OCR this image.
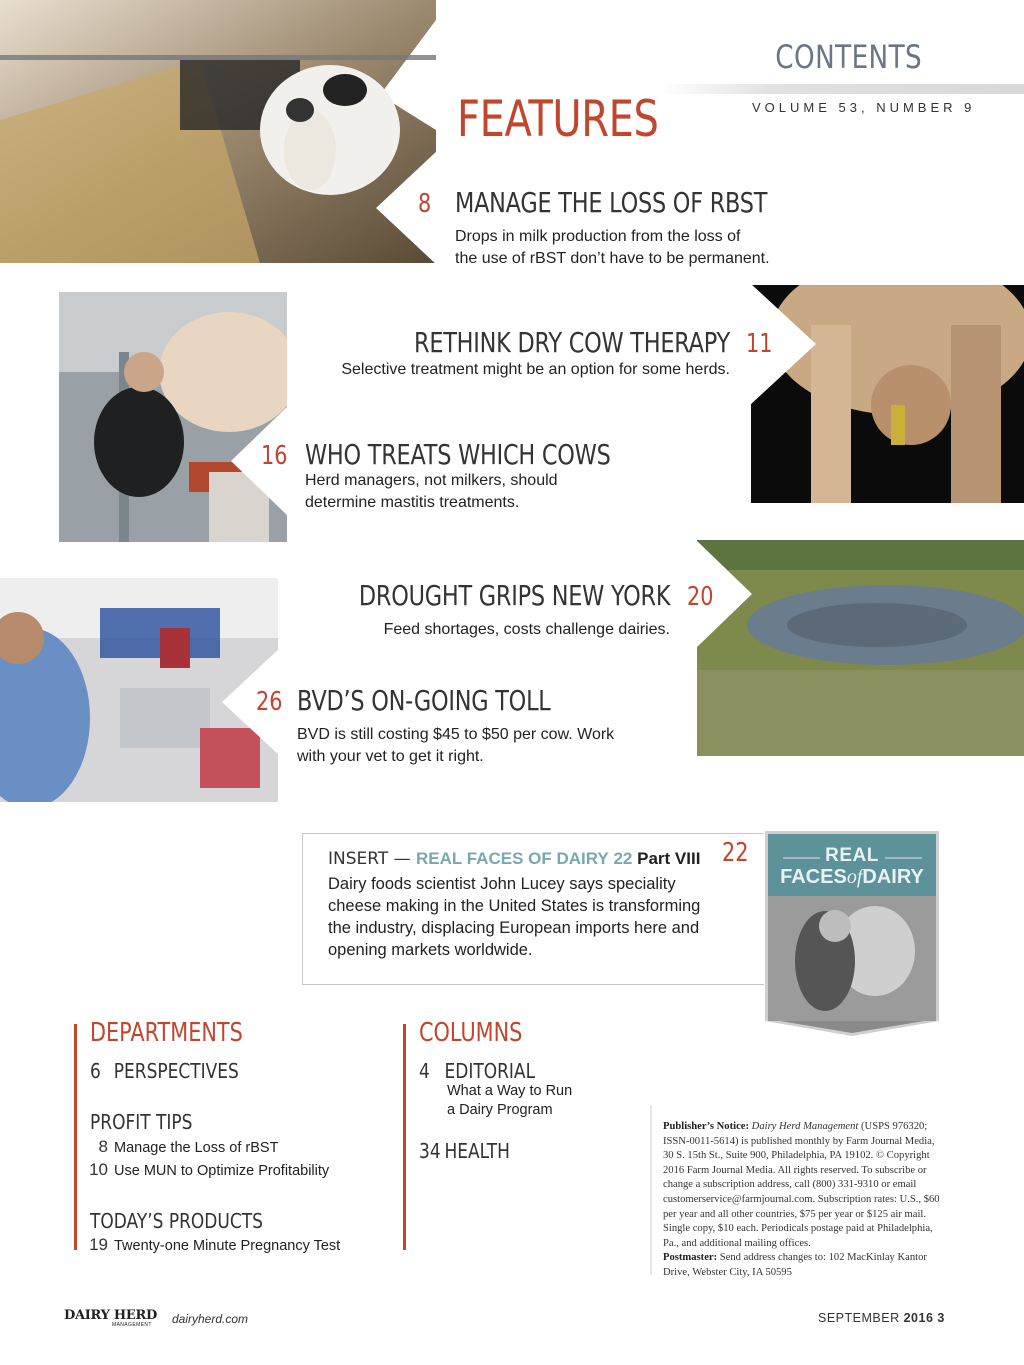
CONTENTS
VOLUME 53, NUMBER 9
FEATURES
8 MANAGE THE LOSS OF RBST
Drops in milk production from the loss of
the use of rBST don’t have to be permanent.
RETHINK DRY COW THERAPY 11
Selective treatment might be an option for some herds.
16 WHO TREATS WHICH COWS
Herd managers, not milkers, should
determine mastitis treatments.
DROUGHT GRIPS NEW YORK 20
Feed shortages, costs challenge dairies.
26 BVD’S ON-GOING TOLL
BVD is still costing $45 to $50 per cow. Work
with your vet to get it right.
INSERT — REAL FACES OF DAIRY 22 Part VIII 22
Dairy foods scientist John Lucey says speciality
cheese making in the United States is transforming
the industry, displacing European imports here and
opening markets worldwide.
REAL
FACESofDAIRY
DEPARTMENTS
6 PERSPECTIVES
PROFIT TIPS
8 Manage the Loss of rBST
10 Use MUN to Optimize Profitability
TODAY’S PRODUCTS
19 Twenty-one Minute Pregnancy Test
COLUMNS
4 EDITORIAL
What a Way to Run
a Dairy Program
34 HEALTH
Publisher’s Notice: Dairy Herd Management (USPS 976320; ISSN-0011-5614) is published monthly by Farm Journal Media, 30 S. 15th St., Suite 900, Philadelphia, PA 19102. © Copyright 2016 Farm Journal Media. All rights reserved. To subscribe or change a subscription address, call (800) 331-9310 or email customerservice@farmjournal.com. Subscription rates: U.S., $60 per year and all other countries, $75 per year or $125 air mail. Single copy, $10 each. Periodicals postage paid at Philadelphia, Pa., and additional mailing offices.
Postmaster: Send address changes to: 102 MacKinlay Kantor Drive, Webster City, IA 50595
DAIRY HERD
MANAGEMENT dairyherd.com	SEPTEMBER 2016 3
